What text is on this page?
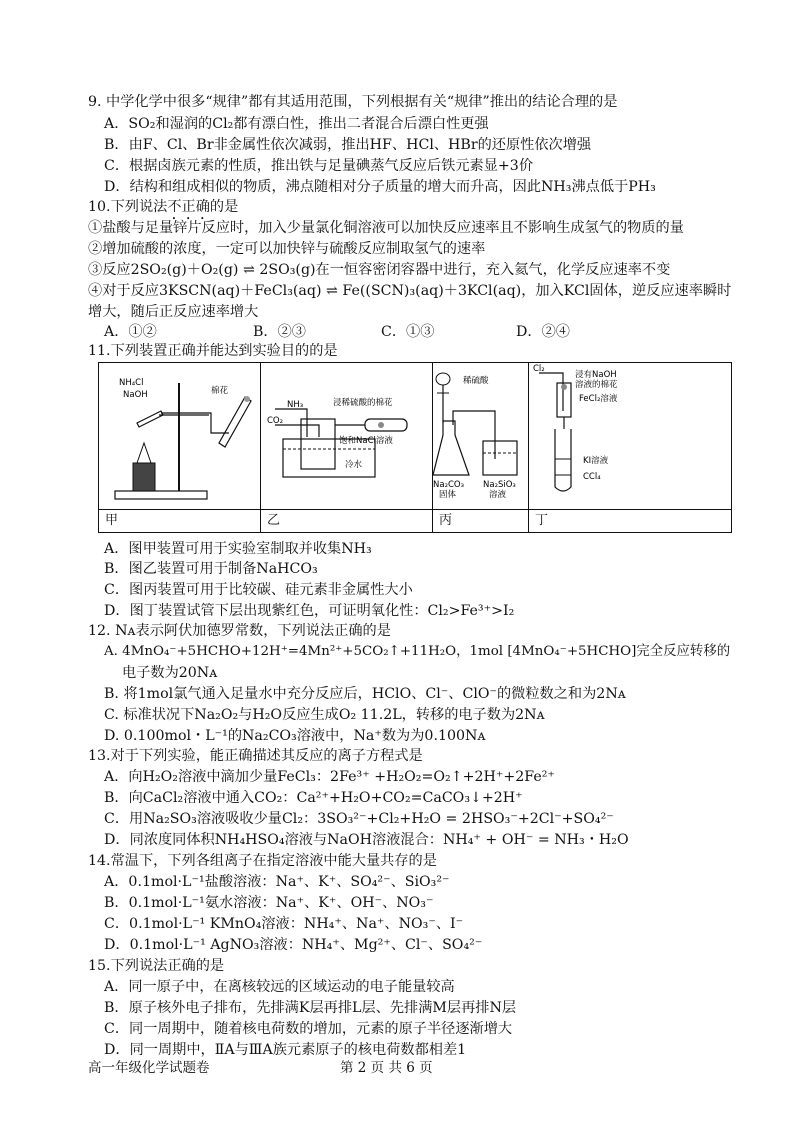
9. 中学化学中很多“规律”都有其适用范围，下列根据有关“规律”推出的结论合理的是
A．SO₂和湿润的Cl₂都有漂白性，推出二者混合后漂白性更强
B．由F、Cl、Br非金属性依次减弱，推出HF、HCl、HBr的还原性依次增强
C．根据卤族元素的性质，推出铁与足量碘蒸气反应后铁元素显+3价
D．结构和组成相似的物质，沸点随相对分子质量的增大而升高，因此NH₃沸点低于PH₃
10.下列说法不正确的是
①盐酸与足量锌片反应时，加入少量氯化铜溶液可以加快反应速率且不影响生成氢气的物质的量
②增加硫酸的浓度，一定可以加快锌与硫酸反应制取氢气的速率
③反应2SO₂(g)＋O₂(g) ⇌ 2SO₃(g)在一恒容密闭容器中进行，充入氦气，化学反应速率不变
④对于反应3KSCN(aq)＋FeCl₃(aq) ⇌ Fe((SCN)₃(aq)＋3KCl(aq)，加入KCl固体，逆反应速率瞬时
增大，随后正反应速率增大
A．①②	B．②③	C．①③	D．②④
11.下列装置正确并能达到实验目的的是
NH₄Cl
NaOH	棉花
甲
NH₃
CO₂
浸稀硫酸的棉花
饱和NaCl溶液
冷水
乙
稀硫酸
Na₂CO₃
固体
Na₂SiO₃
溶液
丙
Cl₂
浸有NaOH
溶液的棉花
FeCl₂溶液
KI溶液
CCl₄
丁
A．图甲装置可用于实验室制取并收集NH₃
B．图乙装置可用于制备NaHCO₃
C．图丙装置可用于比较碳、硅元素非金属性大小
D．图丁装置试管下层出现紫红色，可证明氧化性：Cl₂>Fe³⁺>I₂
12. Nᴀ表示阿伏加德罗常数，下列说法正确的是
A. 4MnO₄⁻+5HCHO+12H⁺=4Mn²⁺+5CO₂↑+11H₂O，1mol [4MnO₄⁻+5HCHO]完全反应转移的
电子数为20Nᴀ
B. 将1mol氯气通入足量水中充分反应后，HClO、Cl⁻、ClO⁻的微粒数之和为2Nᴀ
C. 标准状况下Na₂O₂与H₂O反应生成O₂ 11.2L，转移的电子数为2Nᴀ
D. 0.100mol・L⁻¹的Na₂CO₃溶液中，Na⁺数为为0.100Nᴀ
13.对于下列实验，能正确描述其反应的离子方程式是
A．向H₂O₂溶液中滴加少量FeCl₃：2Fe³⁺ +H₂O₂=O₂↑+2H⁺+2Fe²⁺
B．向CaCl₂溶液中通入CO₂：Ca²⁺+H₂O+CO₂=CaCO₃↓+2H⁺
C．用Na₂SO₃溶液吸收少量Cl₂：3SO₃²⁻+Cl₂+H₂O = 2HSO₃⁻+2Cl⁻+SO₄²⁻
D．同浓度同体积NH₄HSO₄溶液与NaOH溶液混合：NH₄⁺ + OH⁻ = NH₃・H₂O
14.常温下，下列各组离子在指定溶液中能大量共存的是
A．0.1mol·L⁻¹盐酸溶液：Na⁺、K⁺、SO₄²⁻、SiO₃²⁻
B．0.1mol·L⁻¹氨水溶液：Na⁺、K⁺、OH⁻、NO₃⁻
C．0.1mol·L⁻¹ KMnO₄溶液：NH₄⁺、Na⁺、NO₃⁻、I⁻
D．0.1mol·L⁻¹ AgNO₃溶液：NH₄⁺、Mg²⁺、Cl⁻、SO₄²⁻
15.下列说法正确的是
A．同一原子中，在离核较远的区域运动的电子能量较高
B．原子核外电子排布，先排满K层再排L层、先排满M层再排N层
C．同一周期中，随着核电荷数的增加，元素的原子半径逐渐增大
D．同一周期中，ⅡA与ⅢA族元素原子的核电荷数都相差1
高一年级化学试题卷	第 2 页 共 6 页
